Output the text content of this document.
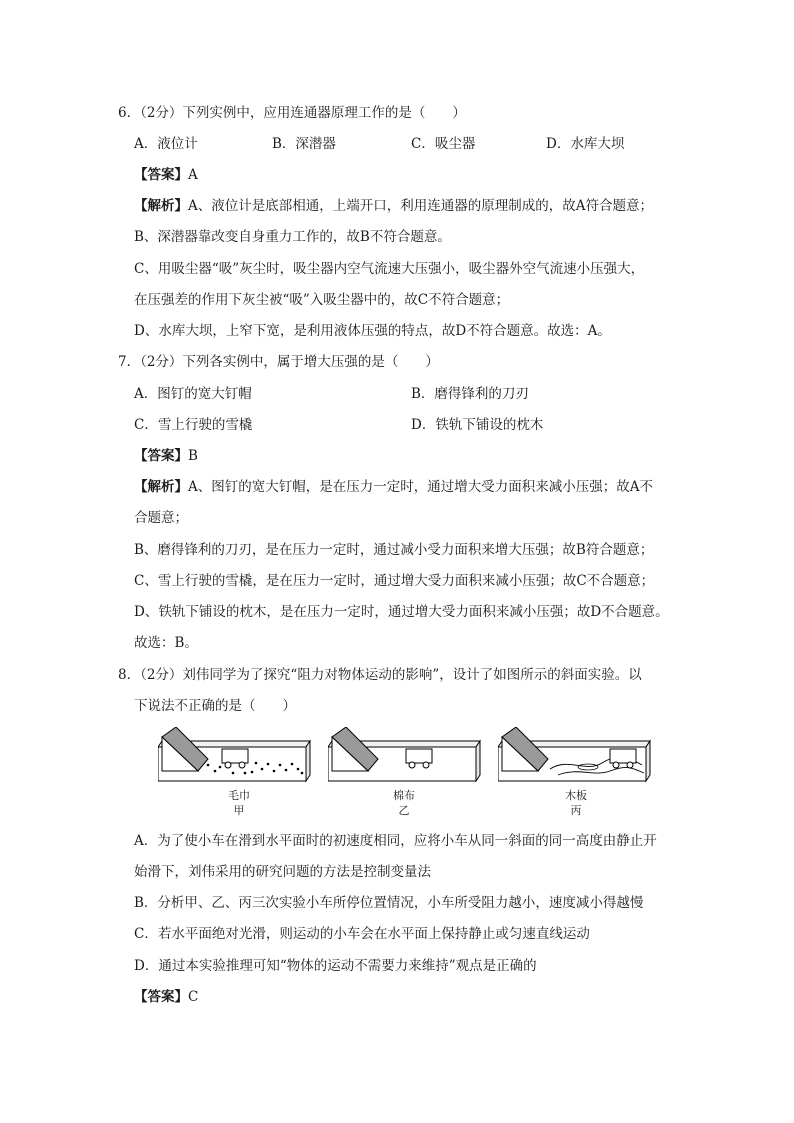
6．（2分）下列实例中，应用连通器原理工作的是（　　）
A．液位计	B．深潜器	C．吸尘器	D．水库大坝
【答案】A
【解析】A、液位计是底部相通，上端开口，利用连通器的原理制成的，故A符合题意；
B、深潜器靠改变自身重力工作的，故B不符合题意。
C、用吸尘器“吸”灰尘时，吸尘器内空气流速大压强小，吸尘器外空气流速小压强大，
在压强差的作用下灰尘被“吸”入吸尘器中的，故C不符合题意；
D、水库大坝，上窄下宽，是利用液体压强的特点，故D不符合题意。故选：A。
7．（2分）下列各实例中，属于增大压强的是（　　）
A．图钉的宽大钉帽	B．磨得锋利的刀刃
C．雪上行驶的雪橇	D．铁轨下铺设的枕木
【答案】B
【解析】A、图钉的宽大钉帽，是在压力一定时，通过增大受力面积来减小压强；故A不
合题意；
B、磨得锋利的刀刃，是在压力一定时，通过减小受力面积来增大压强；故B符合题意；
C、雪上行驶的雪橇，是在压力一定时，通过增大受力面积来减小压强；故C不合题意；
D、铁轨下铺设的枕木，是在压力一定时，通过增大受力面积来减小压强；故D不合题意。
故选：B。
8．（2分）刘伟同学为了探究“阻力对物体运动的影响”，设计了如图所示的斜面实验。以
下说法不正确的是（　　）
毛巾
甲
棉布
乙
木板
丙
A．为了使小车在滑到水平面时的初速度相同，应将小车从同一斜面的同一高度由静止开
始滑下，刘伟采用的研究问题的方法是控制变量法
B．分析甲、乙、丙三次实验小车所停位置情况，小车所受阻力越小，速度减小得越慢
C．若水平面绝对光滑，则运动的小车会在水平面上保持静止或匀速直线运动
D．通过本实验推理可知“物体的运动不需要力来维持”观点是正确的
【答案】C
